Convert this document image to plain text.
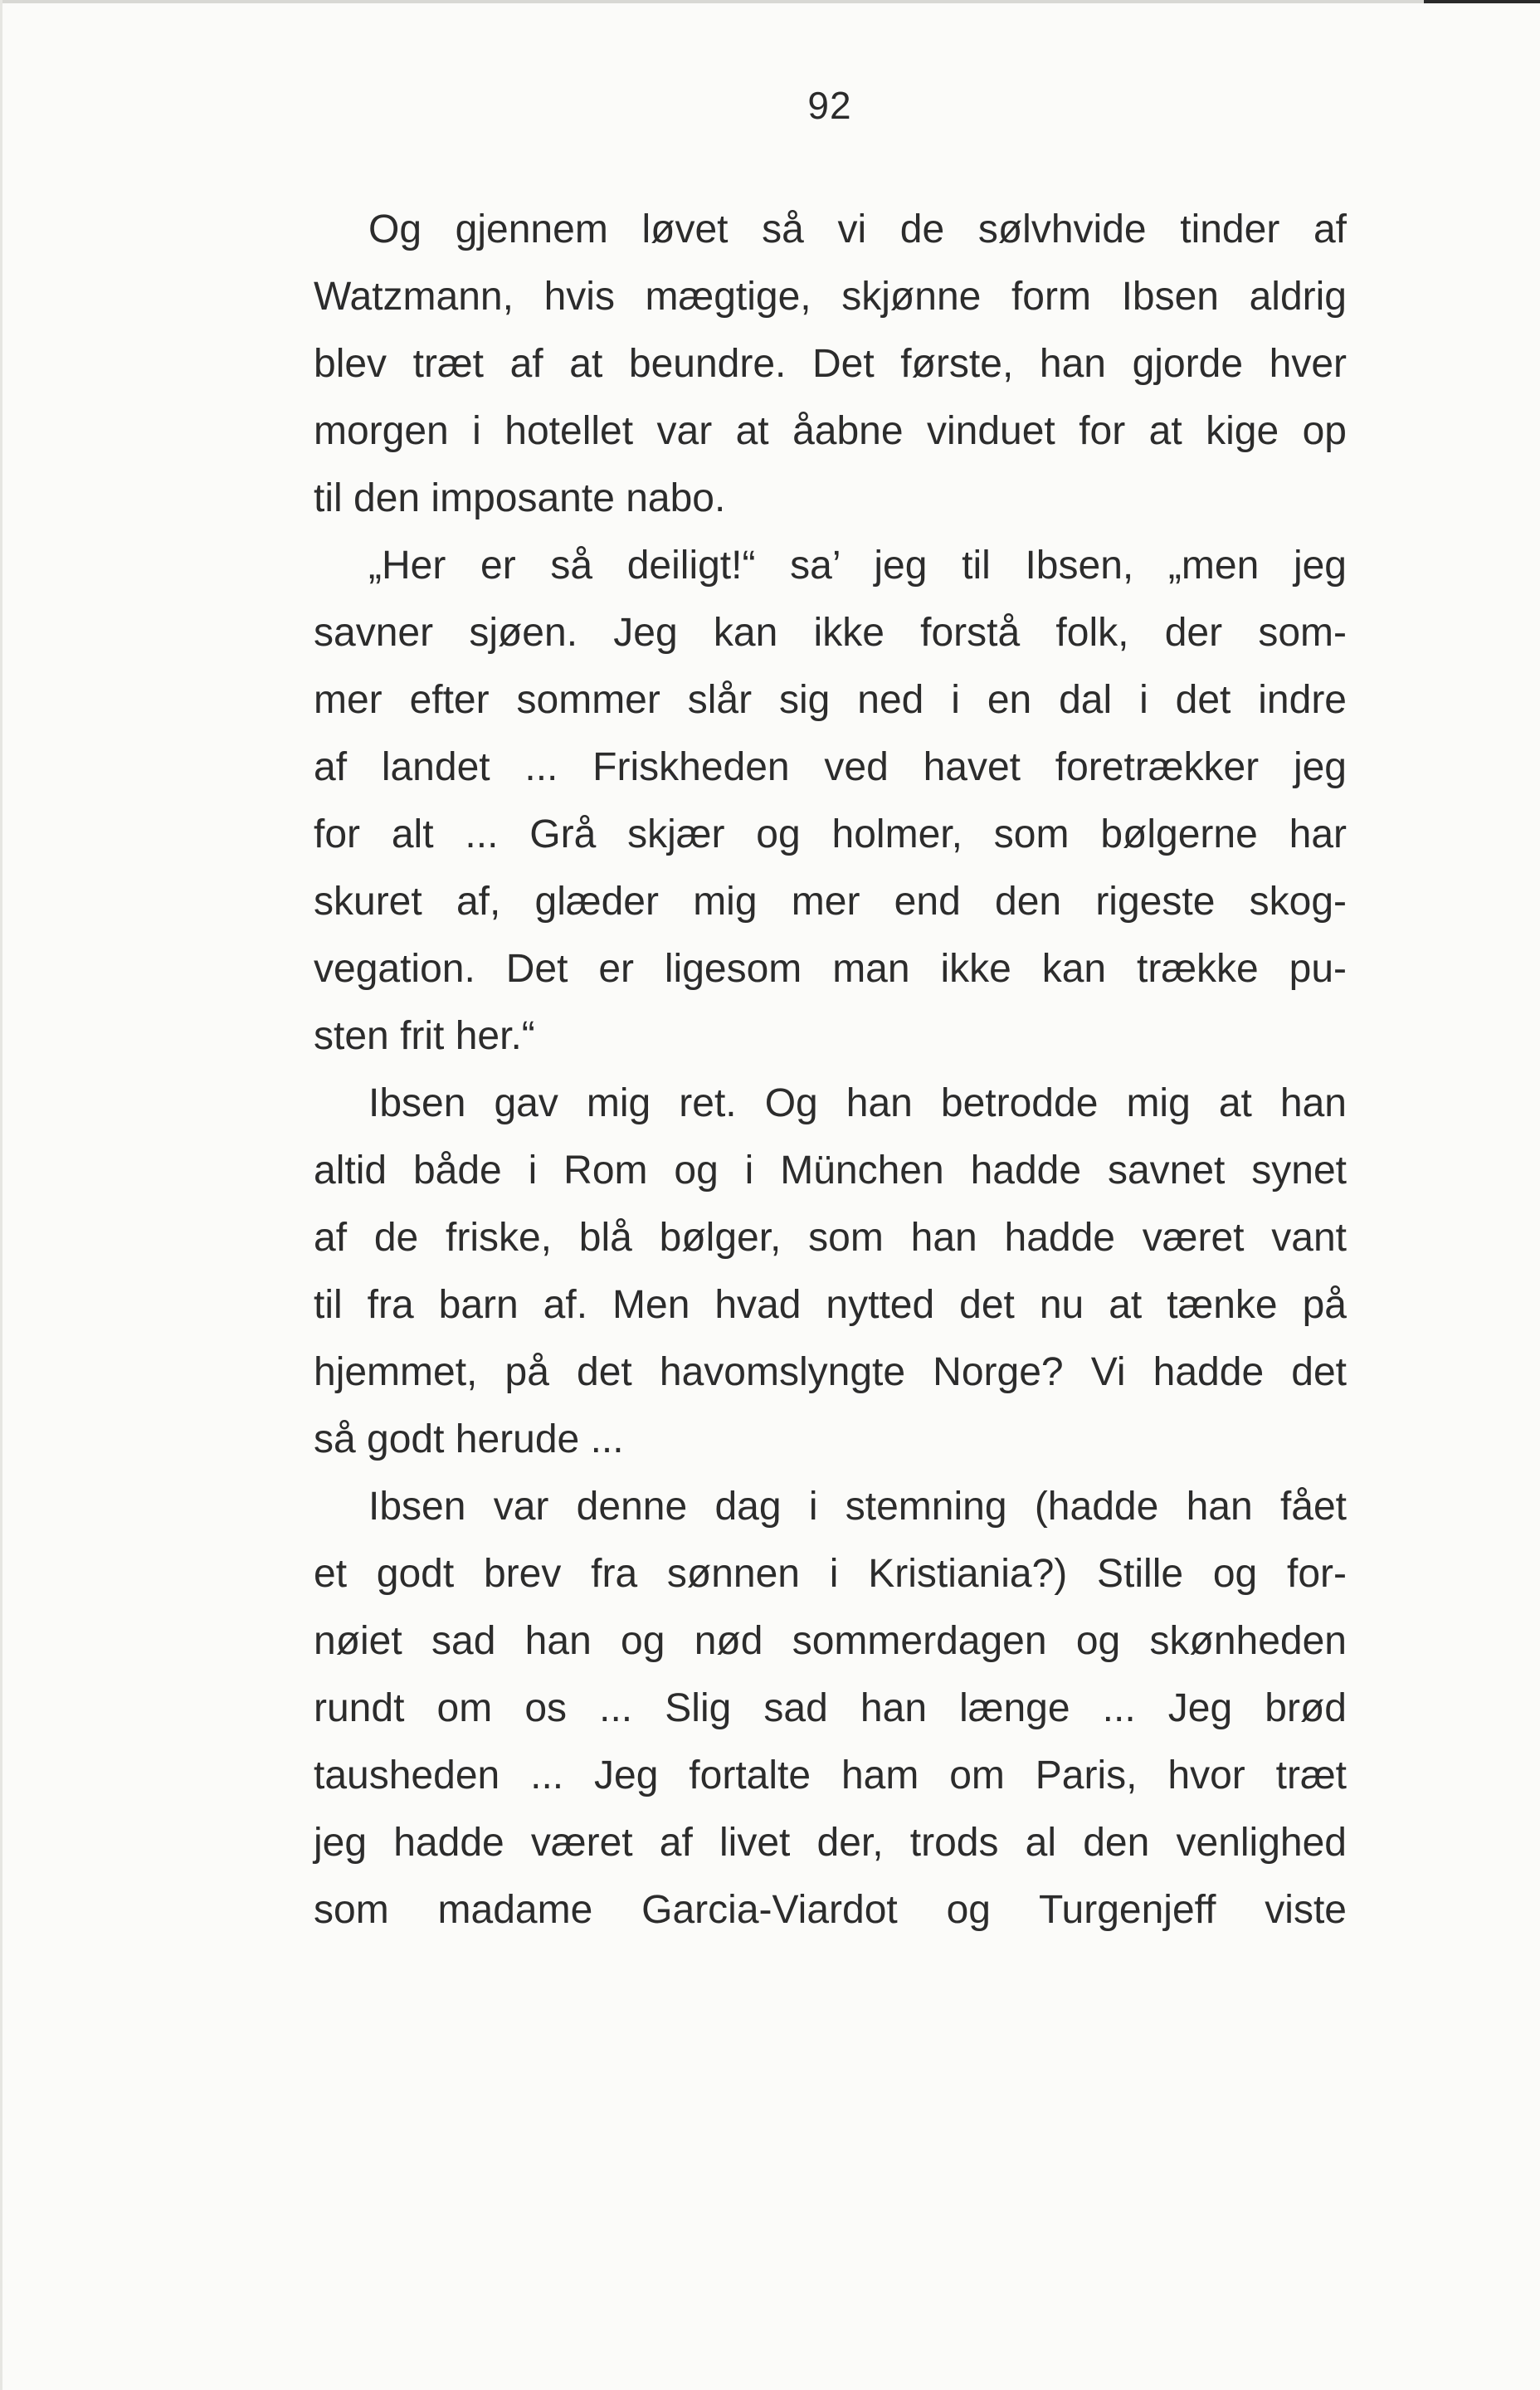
92
Og gjennem løvet så vi de sølvhvide tinder af
Watzmann, hvis mægtige, skjønne form Ibsen aldrig
blev træt af at beundre. Det første, han gjorde hver
morgen i hotellet var at åabne vinduet for at kige op
til den imposante nabo.
„Her er så deiligt!“ sa’ jeg til Ibsen, „men jeg
savner sjøen. Jeg kan ikke forstå folk, der som-
mer efter sommer slår sig ned i en dal i det indre
af landet ... Friskheden ved havet foretrækker jeg
for alt ... Grå skjær og holmer, som bølgerne har
skuret af, glæder mig mer end den rigeste skog-
vegation. Det er ligesom man ikke kan trække pu-
sten frit her.“
Ibsen gav mig ret. Og han betrodde mig at han
altid både i Rom og i München hadde savnet synet
af de friske, blå bølger, som han hadde været vant
til fra barn af. Men hvad nytted det nu at tænke på
hjemmet, på det havomslyngte Norge? Vi hadde det
så godt herude ...
Ibsen var denne dag i stemning (hadde han fået
et godt brev fra sønnen i Kristiania?) Stille og for-
nøiet sad han og nød sommerdagen og skønheden
rundt om os ... Slig sad han længe ... Jeg brød
tausheden ... Jeg fortalte ham om Paris, hvor træt
jeg hadde været af livet der, trods al den venlighed
som madame Garcia-Viardot og Turgenjeff viste
